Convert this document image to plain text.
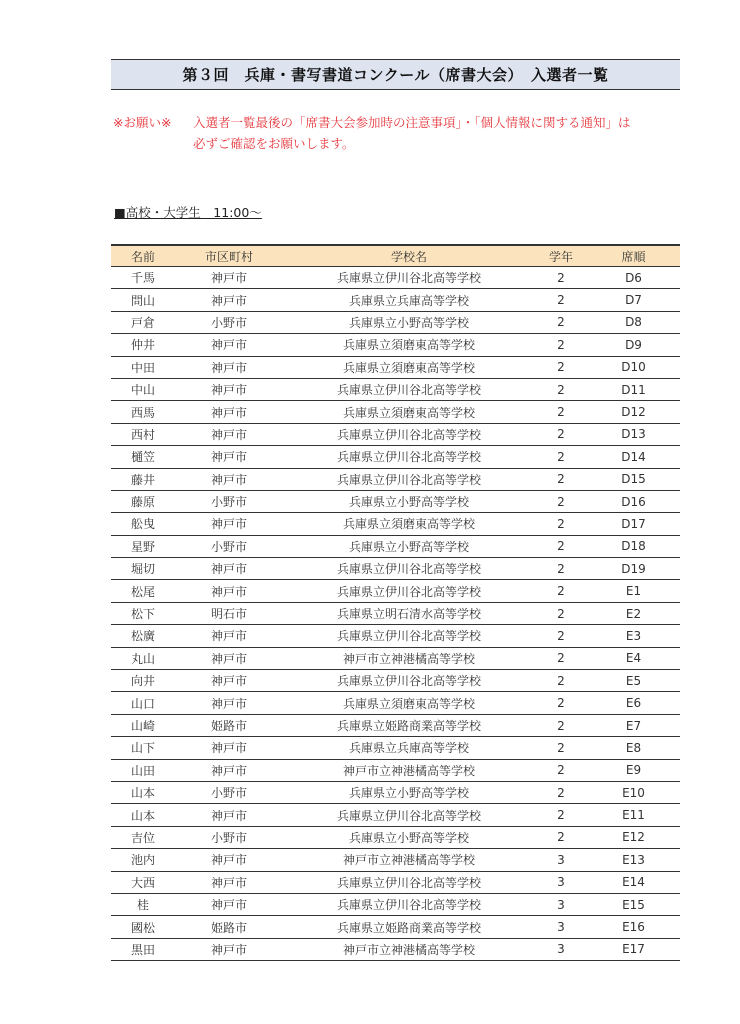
第３回　兵庫・書写書道コンクール（席書大会）　入選者一覧
※お願い※	入選者一覧最後の「席書大会参加時の注意事項」・「個人情報に関する通知」は
必ずご確認をお願いします。
■高校・大学生　11:00〜
名前	市区町村	学校名	学年	席順
千馬	神戸市	兵庫県立伊川谷北高等学校	2	D6
問山	神戸市	兵庫県立兵庫高等学校	2	D7
戸倉	小野市	兵庫県立小野高等学校	2	D8
仲井	神戸市	兵庫県立須磨東高等学校	2	D9
中田	神戸市	兵庫県立須磨東高等学校	2	D10
中山	神戸市	兵庫県立伊川谷北高等学校	2	D11
西馬	神戸市	兵庫県立須磨東高等学校	2	D12
西村	神戸市	兵庫県立伊川谷北高等学校	2	D13
樋笠	神戸市	兵庫県立伊川谷北高等学校	2	D14
藤井	神戸市	兵庫県立伊川谷北高等学校	2	D15
藤原	小野市	兵庫県立小野高等学校	2	D16
舩曳	神戸市	兵庫県立須磨東高等学校	2	D17
星野	小野市	兵庫県立小野高等学校	2	D18
堀切	神戸市	兵庫県立伊川谷北高等学校	2	D19
松尾	神戸市	兵庫県立伊川谷北高等学校	2	E1
松下	明石市	兵庫県立明石清水高等学校	2	E2
松廣	神戸市	兵庫県立伊川谷北高等学校	2	E3
丸山	神戸市	神戸市立神港橘高等学校	2	E4
向井	神戸市	兵庫県立伊川谷北高等学校	2	E5
山口	神戸市	兵庫県立須磨東高等学校	2	E6
山崎	姫路市	兵庫県立姫路商業高等学校	2	E7
山下	神戸市	兵庫県立兵庫高等学校	2	E8
山田	神戸市	神戸市立神港橘高等学校	2	E9
山本	小野市	兵庫県立小野高等学校	2	E10
山本	神戸市	兵庫県立伊川谷北高等学校	2	E11
吉位	小野市	兵庫県立小野高等学校	2	E12
池内	神戸市	神戸市立神港橘高等学校	3	E13
大西	神戸市	兵庫県立伊川谷北高等学校	3	E14
桂	神戸市	兵庫県立伊川谷北高等学校	3	E15
國松	姫路市	兵庫県立姫路商業高等学校	3	E16
黒田	神戸市	神戸市立神港橘高等学校	3	E17
